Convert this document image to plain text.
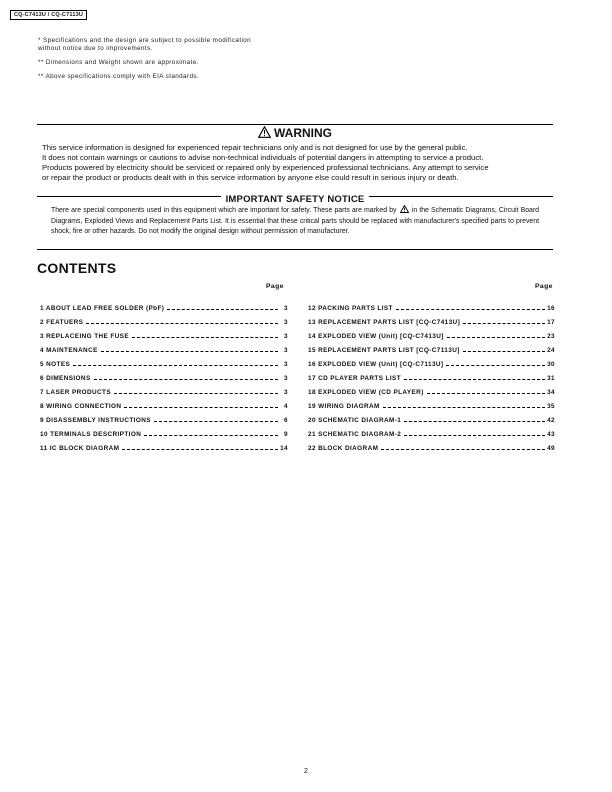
CQ-C7413U / CQ-C7113U
* Specifications and the design are subject to possible modification
without notice due to improvements.
** Dimensions and Weight shown are approximate.
** Above specifications comply with EIA standards.
WARNING
This service information is designed for experienced repair technicians only and is not designed for use by the general public.
It does not contain warnings or cautions to advise non-technical individuals of potential dangers in attempting to service a product.
Products powered by electricity should be serviced or repaired only by experienced professional technicians. Any attempt to service
or repair the product or products dealt with in this service information by anyone else could result in serious injury or death.
IMPORTANT SAFETY NOTICE
There are special components used in this equipment which are important for safety. These parts are marked by in the Schematic Diagrams, Circuit Board Diagrams, Exploded Views and Replacement Parts List. It is essential that these critical parts should be replaced with manufacturer's specified parts to prevent shock, fire or other hazards. Do not modify the original design without permission of manufacturer.
CONTENTS
Page	Page
1 ABOUT LEAD FREE SOLDER (PbF)	3
2 FEATUERS	3
3 REPLACEING THE FUSE	3
4 MAINTENANCE	3
5 NOTES	3
6 DIMENSIONS	3
7 LASER PRODUCTS	3
8 WIRING CONNECTION	4
9 DISASSEMBLY INSTRUCTIONS	6
10 TERMINALS DESCRIPTION	9
11 IC BLOCK DIAGRAM	14
12 PACKING PARTS LIST	16
13 REPLACEMENT PARTS LIST [CQ-C7413U]	17
14 EXPLODED VIEW (Unit) [CQ-C7413U]	23
15 REPLACEMENT PARTS LIST [CQ-C7113U]	24
16 EXPLODED VIEW (Unit) [CQ-C7113U]	30
17 CD PLAYER PARTS LIST	31
18 EXPLODED VIEW (CD PLAYER)	34
19 WIRING DIAGRAM	35
20 SCHEMATIC DIAGRAM-1	42
21 SCHEMATIC DIAGRAM-2	43
22 BLOCK DIAGRAM	49
2
